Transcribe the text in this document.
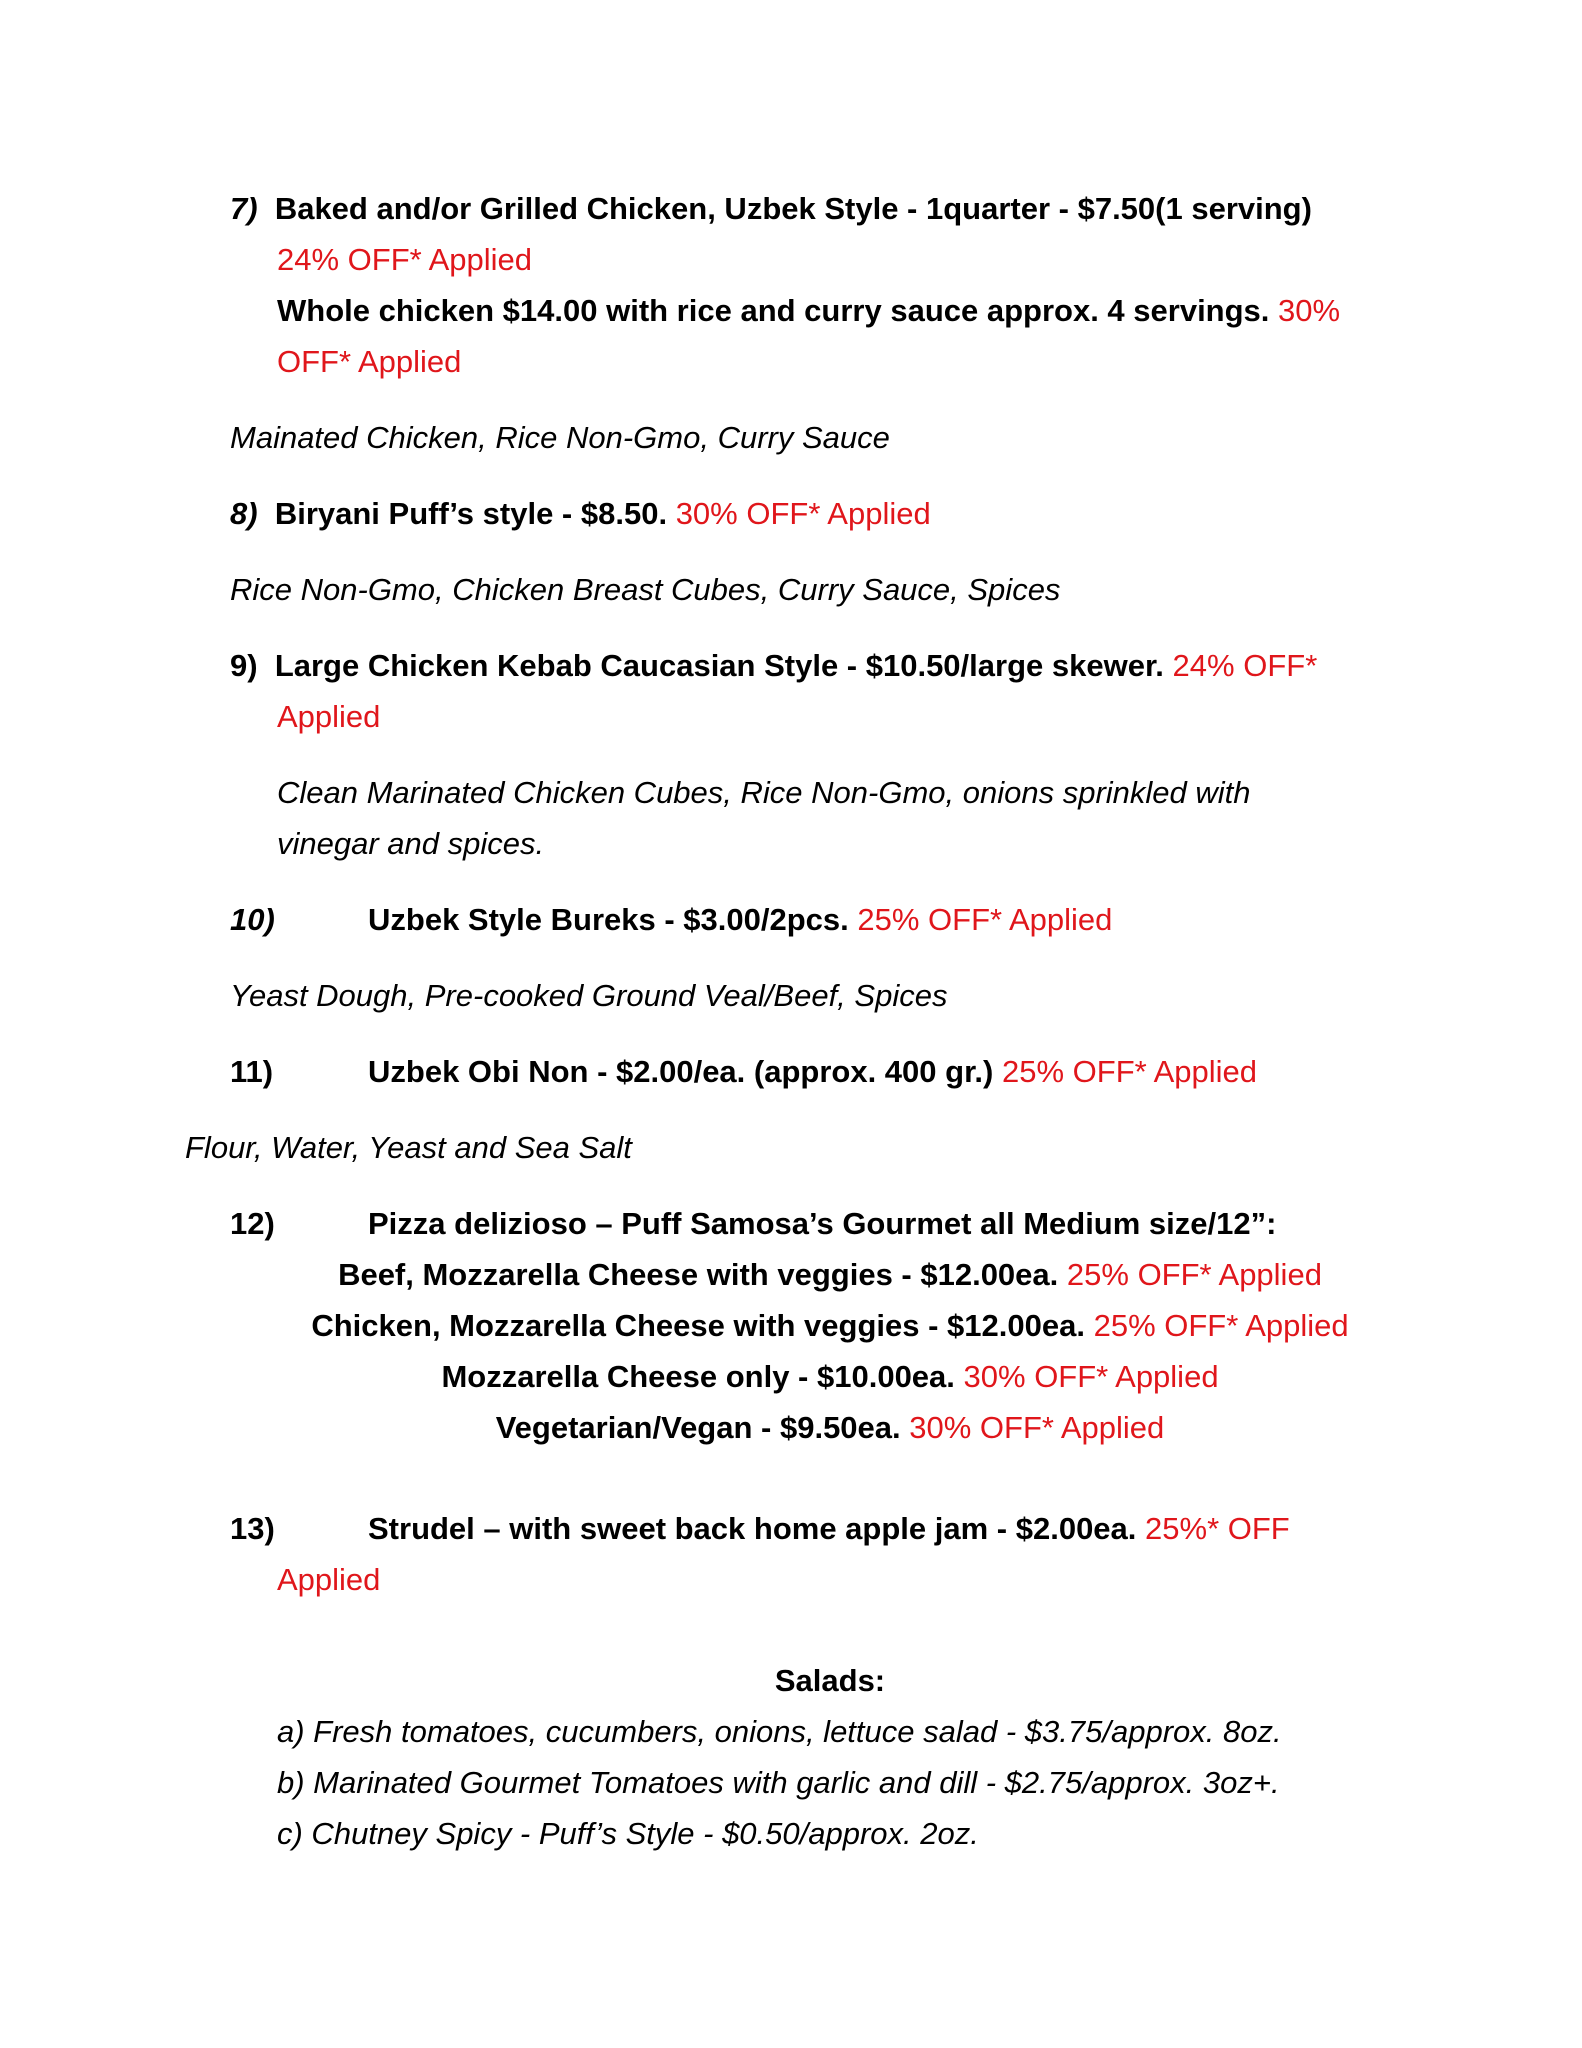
7) Baked and/or Grilled Chicken, Uzbek Style - 1quarter - $7.50(1 serving)
24% OFF* Applied
Whole chicken $14.00 with rice and curry sauce approx. 4 servings. 30%
OFF* Applied
Mainated Chicken, Rice Non-Gmo, Curry Sauce
8) Biryani Puff’s style - $8.50. 30% OFF* Applied
Rice Non-Gmo, Chicken Breast Cubes, Curry Sauce, Spices
9) Large Chicken Kebab Caucasian Style - $10.50/large skewer. 24% OFF*
Applied
Clean Marinated Chicken Cubes, Rice Non-Gmo, onions sprinkled with
vinegar and spices.
10)	Uzbek Style Bureks - $3.00/2pcs. 25% OFF* Applied
Yeast Dough, Pre-cooked Ground Veal/Beef, Spices
11)	Uzbek Obi Non - $2.00/ea. (approx. 400 gr.) 25% OFF* Applied
Flour, Water, Yeast and Sea Salt
12)	Pizza delizioso – Puff Samosa’s Gourmet all Medium size/12”:
Beef, Mozzarella Cheese with veggies - $12.00ea. 25% OFF* Applied
Chicken, Mozzarella Cheese with veggies - $12.00ea. 25% OFF* Applied
Mozzarella Cheese only - $10.00ea. 30% OFF* Applied
Vegetarian/Vegan - $9.50ea. 30% OFF* Applied
13)	Strudel – with sweet back home apple jam - $2.00ea. 25%* OFF
Applied
Salads:
a) Fresh tomatoes, cucumbers, onions, lettuce salad - $3.75/approx. 8oz.
b) Marinated Gourmet Tomatoes with garlic and dill - $2.75/approx. 3oz+.
c) Chutney Spicy - Puff’s Style - $0.50/approx. 2oz.
